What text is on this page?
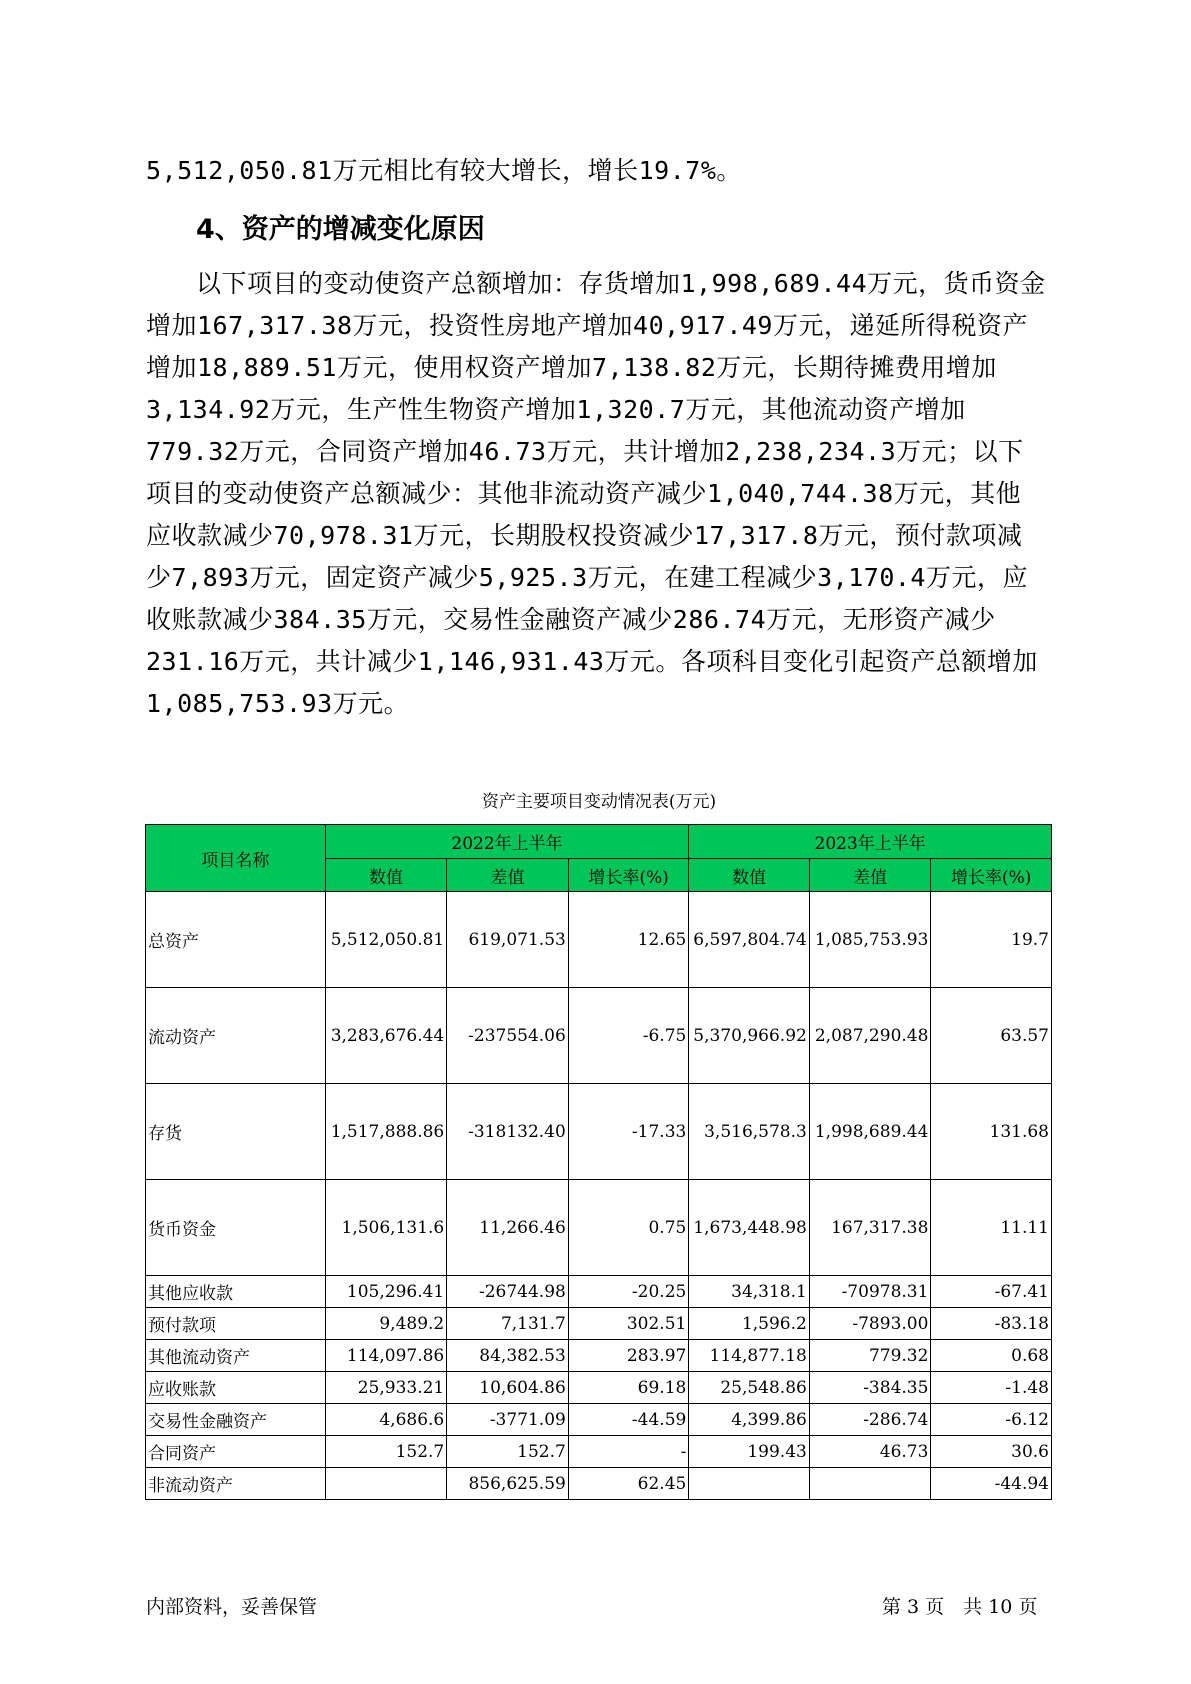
5,512,050.81万元相比有较大增长，增长19.7%。
4、资产的增减变化原因
以下项目的变动使资产总额增加：存货增加1,998,689.44万元，货币资金增加167,317.38万元，投资性房地产增加40,917.49万元，递延所得税资产增加18,889.51万元，使用权资产增加7,138.82万元，长期待摊费用增加3,134.92万元，生产性生物资产增加1,320.7万元，其他流动资产增加779.32万元，合同资产增加46.73万元，共计增加2,238,234.3万元；以下项目的变动使资产总额减少：其他非流动资产减少1,040,744.38万元，其他应收款减少70,978.31万元，长期股权投资减少17,317.8万元，预付款项减少7,893万元，固定资产减少5,925.3万元，在建工程减少3,170.4万元，应收账款减少384.35万元，交易性金融资产减少286.74万元，无形资产减少231.16万元，共计减少1,146,931.43万元。各项科目变化引起资产总额增加1,085,753.93万元。
资产主要项目变动情况表(万元)
项目名称	2022年上半年			2023年上半年		
	数值	差值	增长率(%)	数值	差值	增长率(%)
总资产	5,512,050.81	619,071.53	12.65	6,597,804.74	1,085,753.93	19.7
流动资产	3,283,676.44	-237554.06	-6.75	5,370,966.92	2,087,290.48	63.57
存货	1,517,888.86	-318132.40	-17.33	3,516,578.3	1,998,689.44	131.68
货币资金	1,506,131.6	11,266.46	0.75	1,673,448.98	167,317.38	11.11
其他应收款	105,296.41	-26744.98	-20.25	34,318.1	-70978.31	-67.41
预付款项	9,489.2	7,131.7	302.51	1,596.2	-7893.00	-83.18
其他流动资产	114,097.86	84,382.53	283.97	114,877.18	779.32	0.68
应收账款	25,933.21	10,604.86	69.18	25,548.86	-384.35	-1.48
交易性金融资产	4,686.6	-3771.09	-44.59	4,399.86	-286.74	-6.12
合同资产	152.7	152.7	-	199.43	46.73	30.6
非流动资产		856,625.59	62.45			-44.94
内部资料，妥善保管	第 3 页　共 10 页
